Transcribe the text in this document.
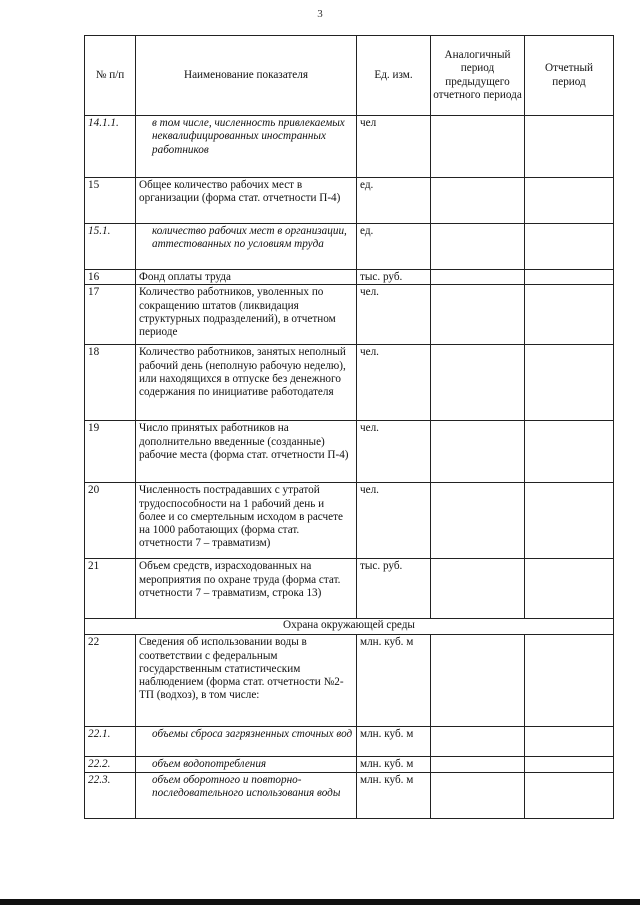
3
№ п/п	Наименование показателя	Ед. изм.	Аналогичный период предыдущего отчетного периода	Отчетный период
14.1.1.	в том числе, численность привлекаемых неквалифицированных иностранных работников	чел		
15	Общее количество рабочих мест в организации (форма стат. отчетности П-4)	ед.		
15.1.	количество рабочих мест в организации, аттестованных по условиям труда	ед.		
16	Фонд оплаты труда	тыс. руб.		
17	Количество работников, уволенных по сокращению штатов (ликвидация структурных подразделений), в отчетном периоде	чел.		
18	Количество работников, занятых неполный рабочий день (неполную рабочую неделю), или находящихся в отпуске без денежного содержания по инициативе работодателя	чел.		
19	Число принятых работников на дополнительно введенные (созданные) рабочие места (форма стат. отчетности П-4)	чел.		
20	Численность пострадавших с утратой трудоспособности на 1 рабочий день и более и со смертельным исходом в расчете на 1000 работающих (форма стат. отчетности 7 – травматизм)	чел.		
21	Объем средств, израсходованных на мероприятия по охране труда (форма стат. отчетности 7 – травматизм, строка 13)	тыс. руб.		
Охрана окружающей среды				
22	Сведения об использовании воды в соответствии с федеральным государственным статистическим наблюдением (форма стат. отчетности №2-ТП (водхоз), в том числе:	млн. куб. м		
22.1.	объемы сброса загрязненных сточных вод	млн. куб. м		
22.2.	объем водопотребления	млн. куб. м		
22.3.	объем оборотного и повторно-последовательного использования воды	млн. куб. м		
